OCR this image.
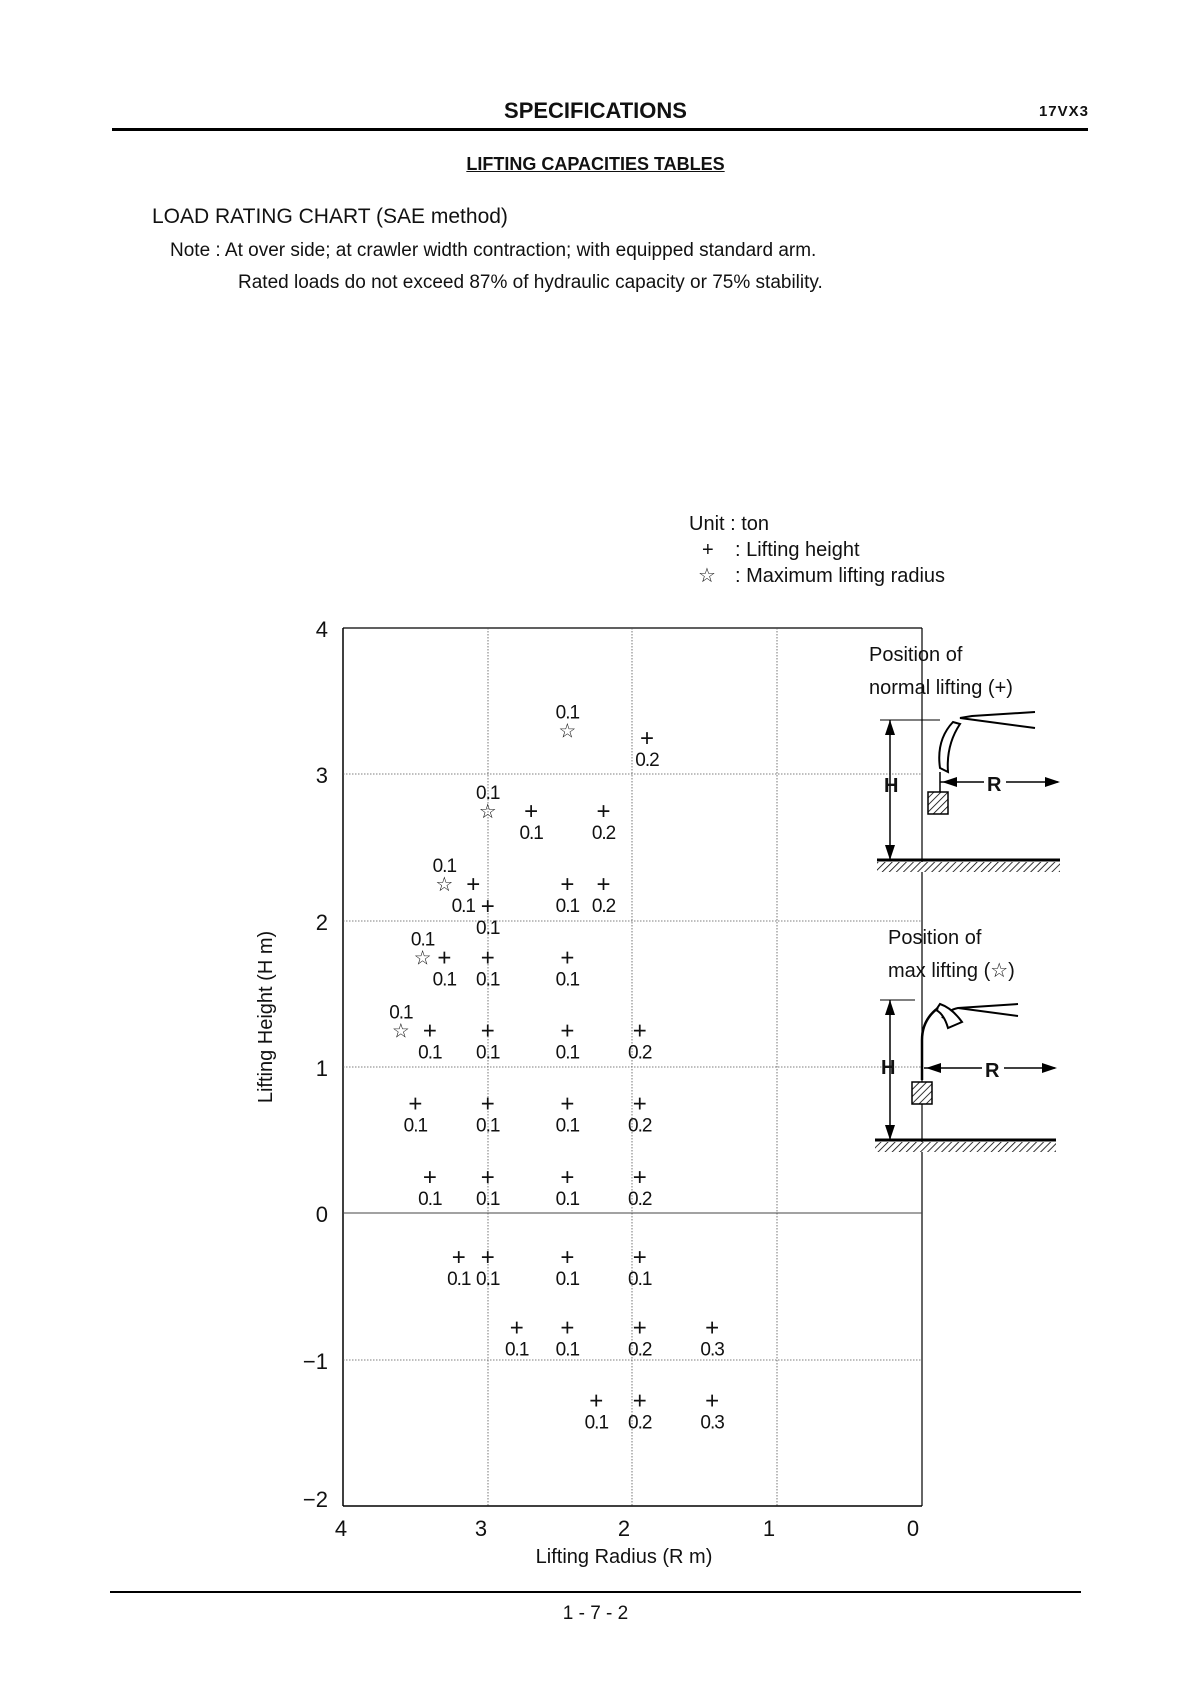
SPECIFICATIONS	17VX3
LIFTING CAPACITIES TABLES
LOAD RATING CHART (SAE method)
Note : At over side; at crawler width contraction; with equipped standard arm.
Rated loads do not exceed 87% of hydraulic capacity or 75% stability.
Unit : ton
+ : Lifting height
☆ : Maximum lifting radius
4
3
2
1
0
−1
−2
4	3	2	1	0
Lifting Radius (R m)
Lifting Height (H m)
+
0.2
+
0.1
+
0.2
+
0.1 +
0.1
+
0.1
+
0.2
+
0.1
+
0.1
+
0.1
+
0.1
+
0.1
+
0.1
+
0.2
+
0.1
+
0.1
+
0.1
+
0.2
+
0.1
+
0.1
+
0.1
+
0.2
+
0.1
+
0.1
+
0.1
+
0.1
+
0.1
+
0.1
+
0.2
+
0.3
+
0.1
+
0.2
+
0.3
☆
0.1
☆
0.1
☆
0.1
☆
0.1
☆
0.1
Position of
normal lifting (+)
H	R
Position of
max lifting (☆)
H	R
1 - 7 - 2
